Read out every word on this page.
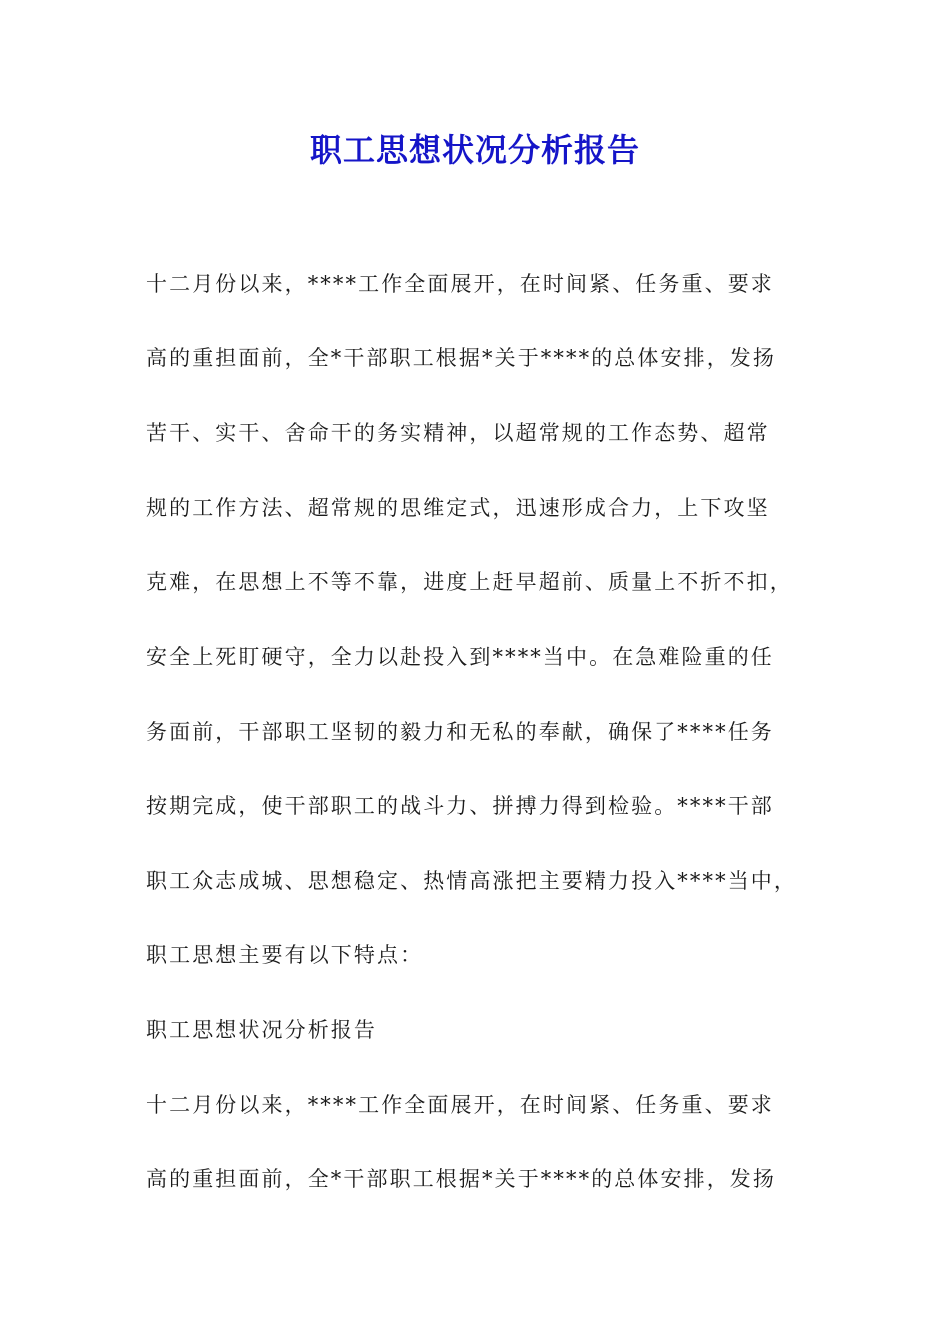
职工思想状况分析报告
十二月份以来，****工作全面展开，在时间紧、任务重、要求
高的重担面前，全*干部职工根据*关于****的总体安排，发扬
苦干、实干、舍命干的务实精神，以超常规的工作态势、超常
规的工作方法、超常规的思维定式，迅速形成合力，上下攻坚
克难，在思想上不等不靠，进度上赶早超前、质量上不折不扣，
安全上死盯硬守，全力以赴投入到****当中。在急难险重的任
务面前，干部职工坚韧的毅力和无私的奉献，确保了****任务
按期完成，使干部职工的战斗力、拼搏力得到检验。****干部
职工众志成城、思想稳定、热情高涨把主要精力投入****当中，
职工思想主要有以下特点：
职工思想状况分析报告
十二月份以来，****工作全面展开，在时间紧、任务重、要求
高的重担面前，全*干部职工根据*关于****的总体安排，发扬
